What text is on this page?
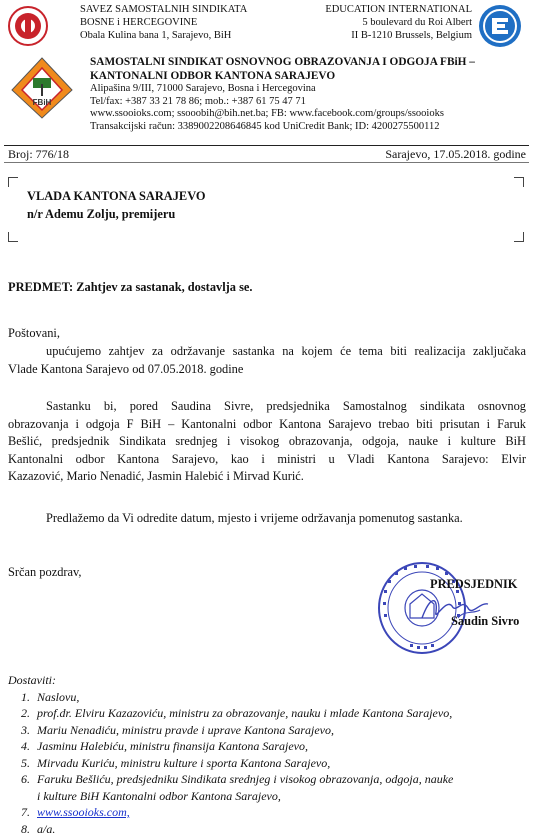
SAVEZ SAMOSTALNIH SINDIKATA
BOSNE i HERCEGOVINE
Obala Kulina bana 1, Sarajevo, BiH
EDUCATION INTERNATIONAL
5 boulevard du Roi Albert
II B-1210 Brussels, Belgium
FBiH
SAMOSTALNI SINDIKAT OSNOVNOG OBRAZOVANJA I ODGOJA FBiH –
KANTONALNI ODBOR KANTONA SARAJEVO
Alipašina 9/III, 71000 Sarajevo, Bosna i Hercegovina
Tel/fax: +387 33 21 78 86; mob.: +387 61 75 47 71
www.ssooioks.com; ssooobih@bih.net.ba; FB: www.facebook.com/groups/ssooioks
Transakcijski račun: 3389002208646845 kod UniCredit Bank; ID: 4200275500112
Broj: 776/18	Sarajevo, 17.05.2018. godine
VLADA KANTONA SARAJEVO
n/r Ademu Zolju, premijeru
PREDMET: Zahtjev za sastanak, dostavlja se.
Poštovani,
upućujemo zahtjev za održavanje sastanka na kojem će tema biti realizacija zaključaka
Vlade Kantona Sarajevo od 07.05.2018. godine
Sastanku bi, pored Saudina Sivre, predsjednika Samostalnog sindikata osnovnog
obrazovanja i odgoja F BiH – Kantonalni odbor Kantona Sarajevo trebao biti prisutan i Faruk
Bešlić, predsjednik Sindikata srednjeg i visokog obrazovanja, odgoja, nauke i kulture BiH
Kantonalni odbor Kantona Sarajevo, kao i ministri u Vladi Kantona Sarajevo: Elvir
Kazazović, Mario Nenadić, Jasmin Halebić i Mirvad Kurić.
Predlažemo da Vi odredite datum, mjesto i vrijeme održavanja pomenutog sastanka.
Srčan pozdrav,
PREDSJEDNIK
Saudin Sivro
Dostaviti:
1. Naslovu,
2. prof.dr. Elviru Kazazoviću, ministru za obrazovanje, nauku i mlade Kantona Sarajevo,
3. Mariu Nenadiću, ministru pravde i uprave Kantona Sarajevo,
4. Jasminu Halebiću, ministru finansija Kantona Sarajevo,
5. Mirvadu Kuriću, ministru kulture i sporta Kantona Sarajevo,
6. Faruku Bešliću, predsjedniku Sindikata srednjeg i visokog obrazovanja, odgoja, nauke
i kulture BiH Kantonalni odbor Kantona Sarajevo,
7. www.ssooioks.com,
8. a/a.
